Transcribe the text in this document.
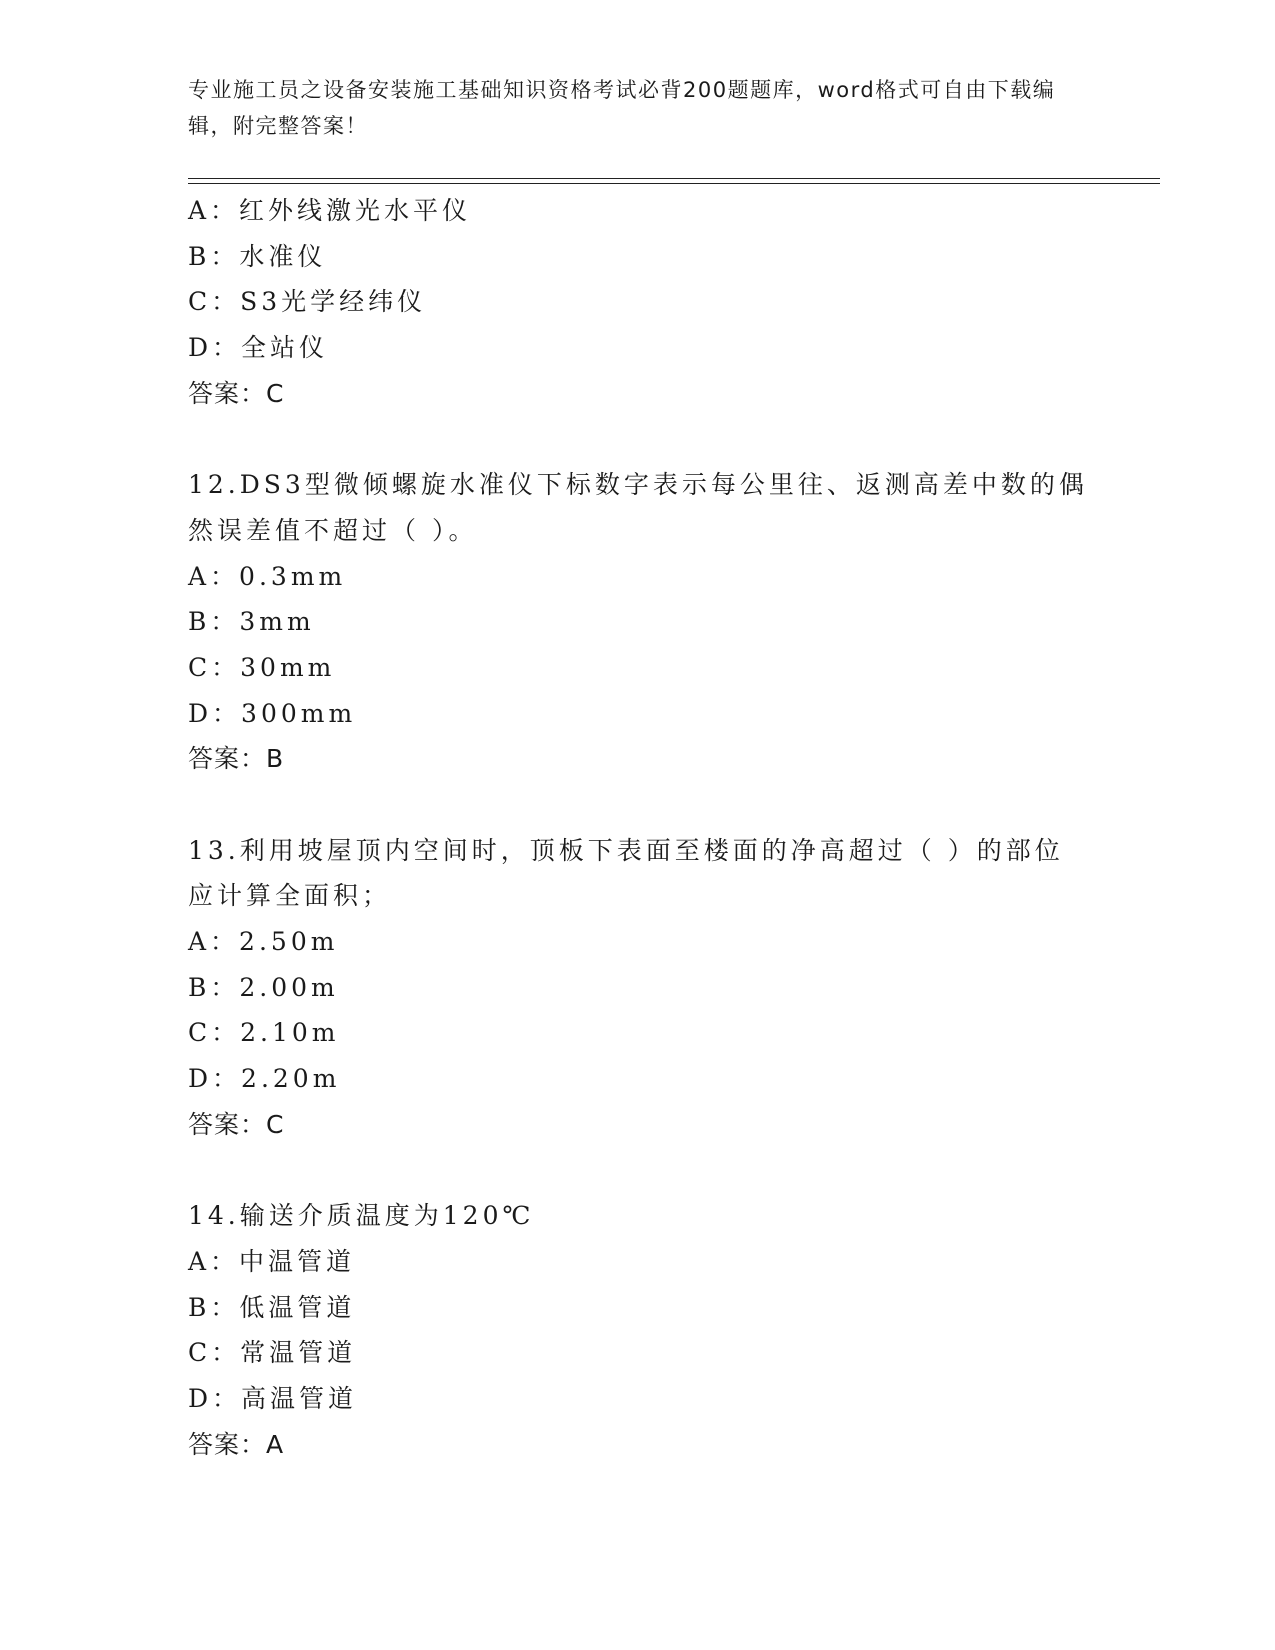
专业施工员之设备安装施工基础知识资格考试必背200题题库，word格式可自由下载编辑，附完整答案！
A：红外线激光水平仪
B：水准仪
C：S3光学经纬仪
D：全站仪
答案：C
12.DS3型微倾螺旋水准仪下标数字表示每公里往、返测高差中数的偶然误差值不超过（ ）。
A：0.3mm
B：3mm
C：30mm
D：300mm
答案：B
13.利用坡屋顶内空间时，顶板下表面至楼面的净高超过（ ）的部位应计算全面积；
A：2.50m
B：2.00m
C：2.10m
D：2.20m
答案：C
14.输送介质温度为120℃
A：中温管道
B：低温管道
C：常温管道
D：高温管道
答案：A
